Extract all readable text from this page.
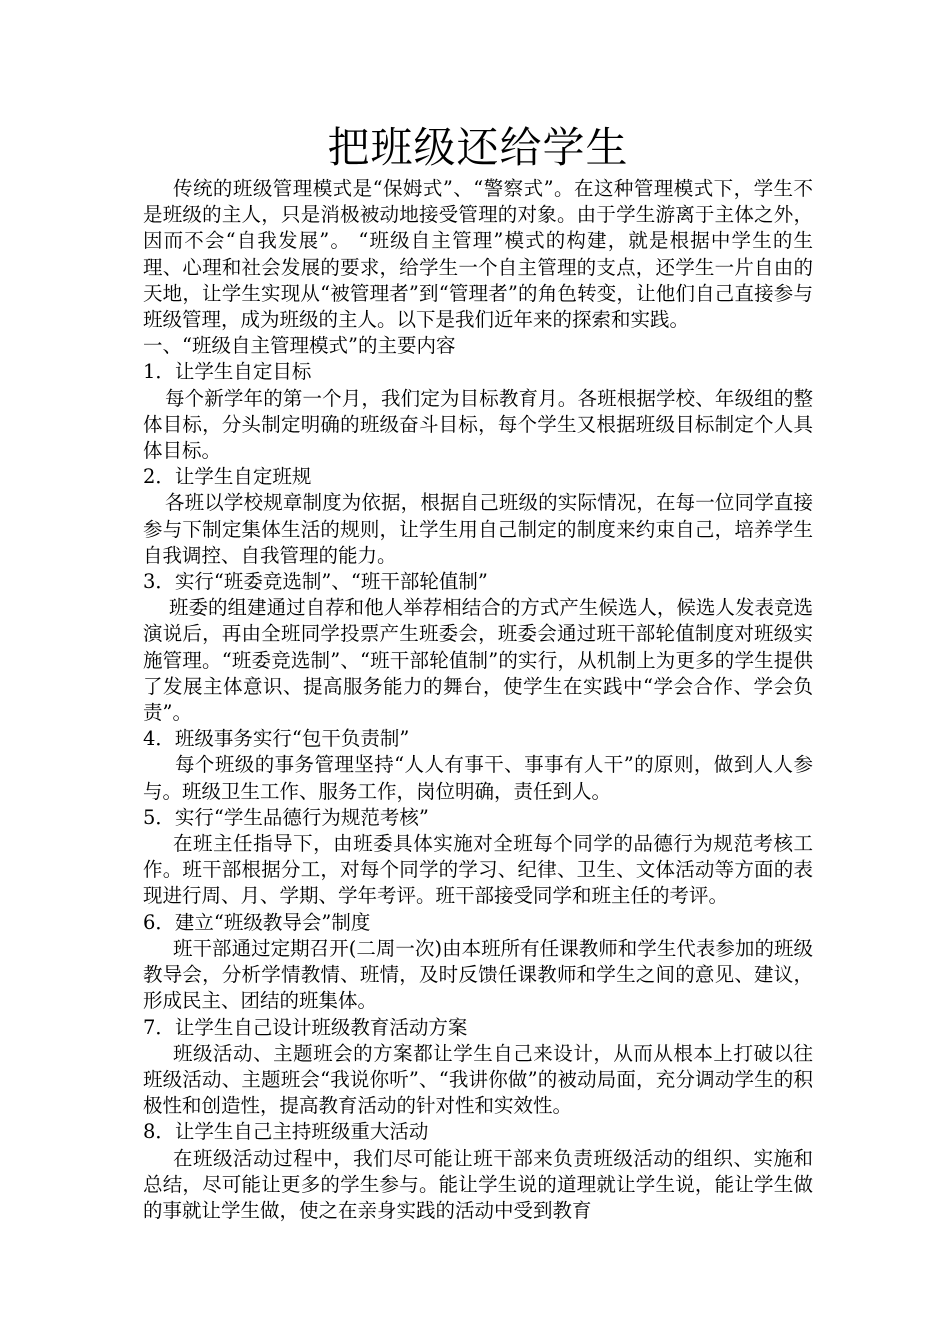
把班级还给学生

传统的班级管理模式是“保姆式”、“警察式”。在这种管理模式下，学生不是班级的主人，只是消极被动地接受管理的对象。由于学生游离于主体之外，因而不会“自我发展”。 “班级自主管理”模式的构建，就是根据中学生的生理、心理和社会发展的要求，给学生一个自主管理的支点，还学生一片自由的天地，让学生实现从“被管理者”到“管理者”的角色转变，让他们自己直接参与班级管理，成为班级的主人。以下是我们近年来的探索和实践。

一、“班级自主管理模式”的主要内容

1．让学生自定目标

每个新学年的第一个月，我们定为目标教育月。各班根据学校、年级组的整体目标，分头制定明确的班级奋斗目标，每个学生又根据班级目标制定个人具体目标。

2．让学生自定班规

各班以学校规章制度为依据，根据自己班级的实际情况，在每一位同学直接参与下制定集体生活的规则，让学生用自己制定的制度来约束自己，培养学生自我调控、自我管理的能力。

3．实行“班委竞选制”、“班干部轮值制”

班委的组建通过自荐和他人举荐相结合的方式产生候选人，候选人发表竞选演说后，再由全班同学投票产生班委会，班委会通过班干部轮值制度对班级实施管理。“班委竞选制”、“班干部轮值制”的实行，从机制上为更多的学生提供了发展主体意识、提高服务能力的舞台，使学生在实践中“学会合作、学会负责”。

4．班级事务实行“包干负责制”

每个班级的事务管理坚持“人人有事干、事事有人干”的原则，做到人人参与。班级卫生工作、服务工作，岗位明确，责任到人。

5．实行“学生品德行为规范考核”

在班主任指导下，由班委具体实施对全班每个同学的品德行为规范考核工作。班干部根据分工，对每个同学的学习、纪律、卫生、文体活动等方面的表现进行周、月、学期、学年考评。班干部接受同学和班主任的考评。

6．建立“班级教导会”制度

班干部通过定期召开(二周一次)由本班所有任课教师和学生代表参加的班级教导会，分析学情教情、班情，及时反馈任课教师和学生之间的意见、建议，形成民主、团结的班集体。

7．让学生自己设计班级教育活动方案

班级活动、主题班会的方案都让学生自己来设计，从而从根本上打破以往班级活动、主题班会“我说你听”、“我讲你做”的被动局面，充分调动学生的积极性和创造性，提高教育活动的针对性和实效性。

8．让学生自己主持班级重大活动

在班级活动过程中，我们尽可能让班干部来负责班级活动的组织、实施和总结，尽可能让更多的学生参与。能让学生说的道理就让学生说，能让学生做的事就让学生做，使之在亲身实践的活动中受到教育
